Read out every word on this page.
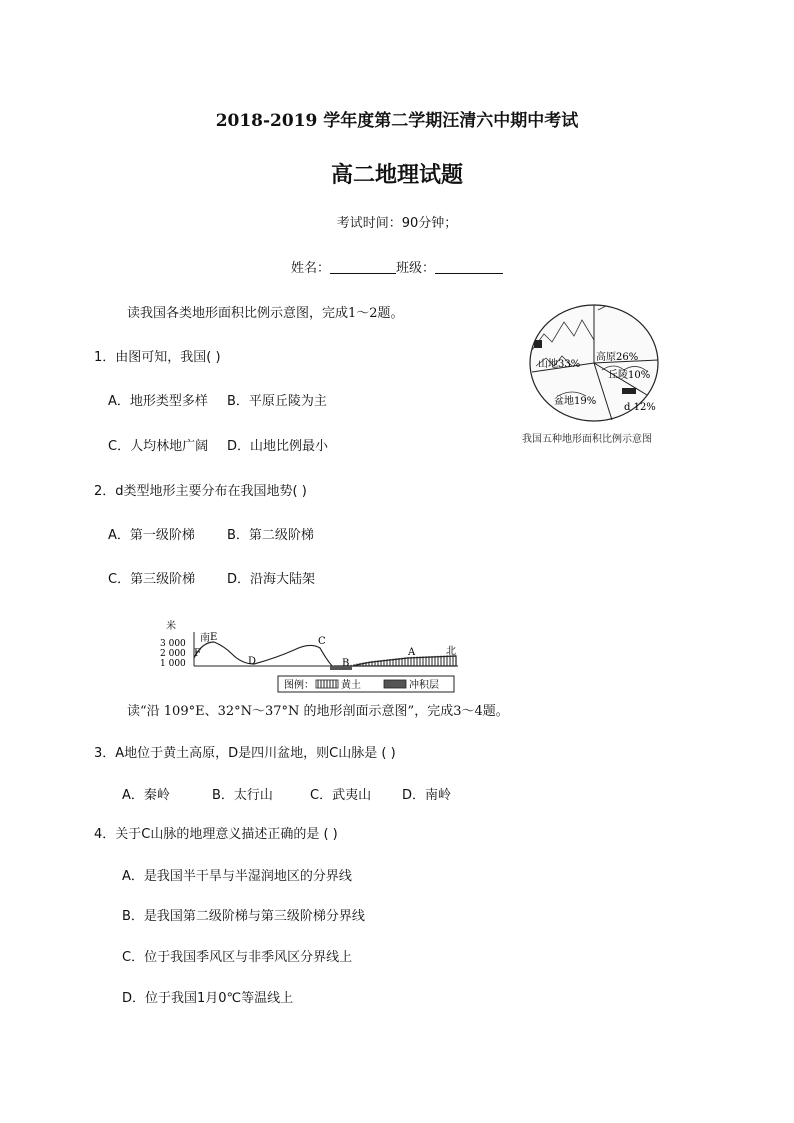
2018-2019 学年度第二学期汪清六中期中考试
高二地理试题
考试时间：90分钟；
姓名：	班级：
读我国各类地形面积比例示意图，完成1～2题。
山地33%
高原26%
丘陵10%
d 12%
盆地19%
我国五种地形面积比例示意图
1．由图可知，我国( )
A．地形类型多样 B．平原丘陵为主
C．人均林地广阔 D．山地比例最小
2．d类型地形主要分布在我国地势( )
A．第一级阶梯 B．第二级阶梯
C．第三级阶梯 D．沿海大陆架
米
3 000
2 000
1 000
南 E
F
D
C
B
A	北
图例：	黄土	冲积层
读“沿 109°E、32°N～37°N 的地形剖面示意图”，完成3～4题。
3．A地位于黄土高原，D是四川盆地，则C山脉是 ( )
A．秦岭	B．太行山	C．武夷山 D．南岭
4．关于C山脉的地理意义描述正确的是 ( )
A．是我国半干旱与半湿润地区的分界线
B．是我国第二级阶梯与第三级阶梯分界线
C．位于我国季风区与非季风区分界线上
D．位于我国1月0℃等温线上
